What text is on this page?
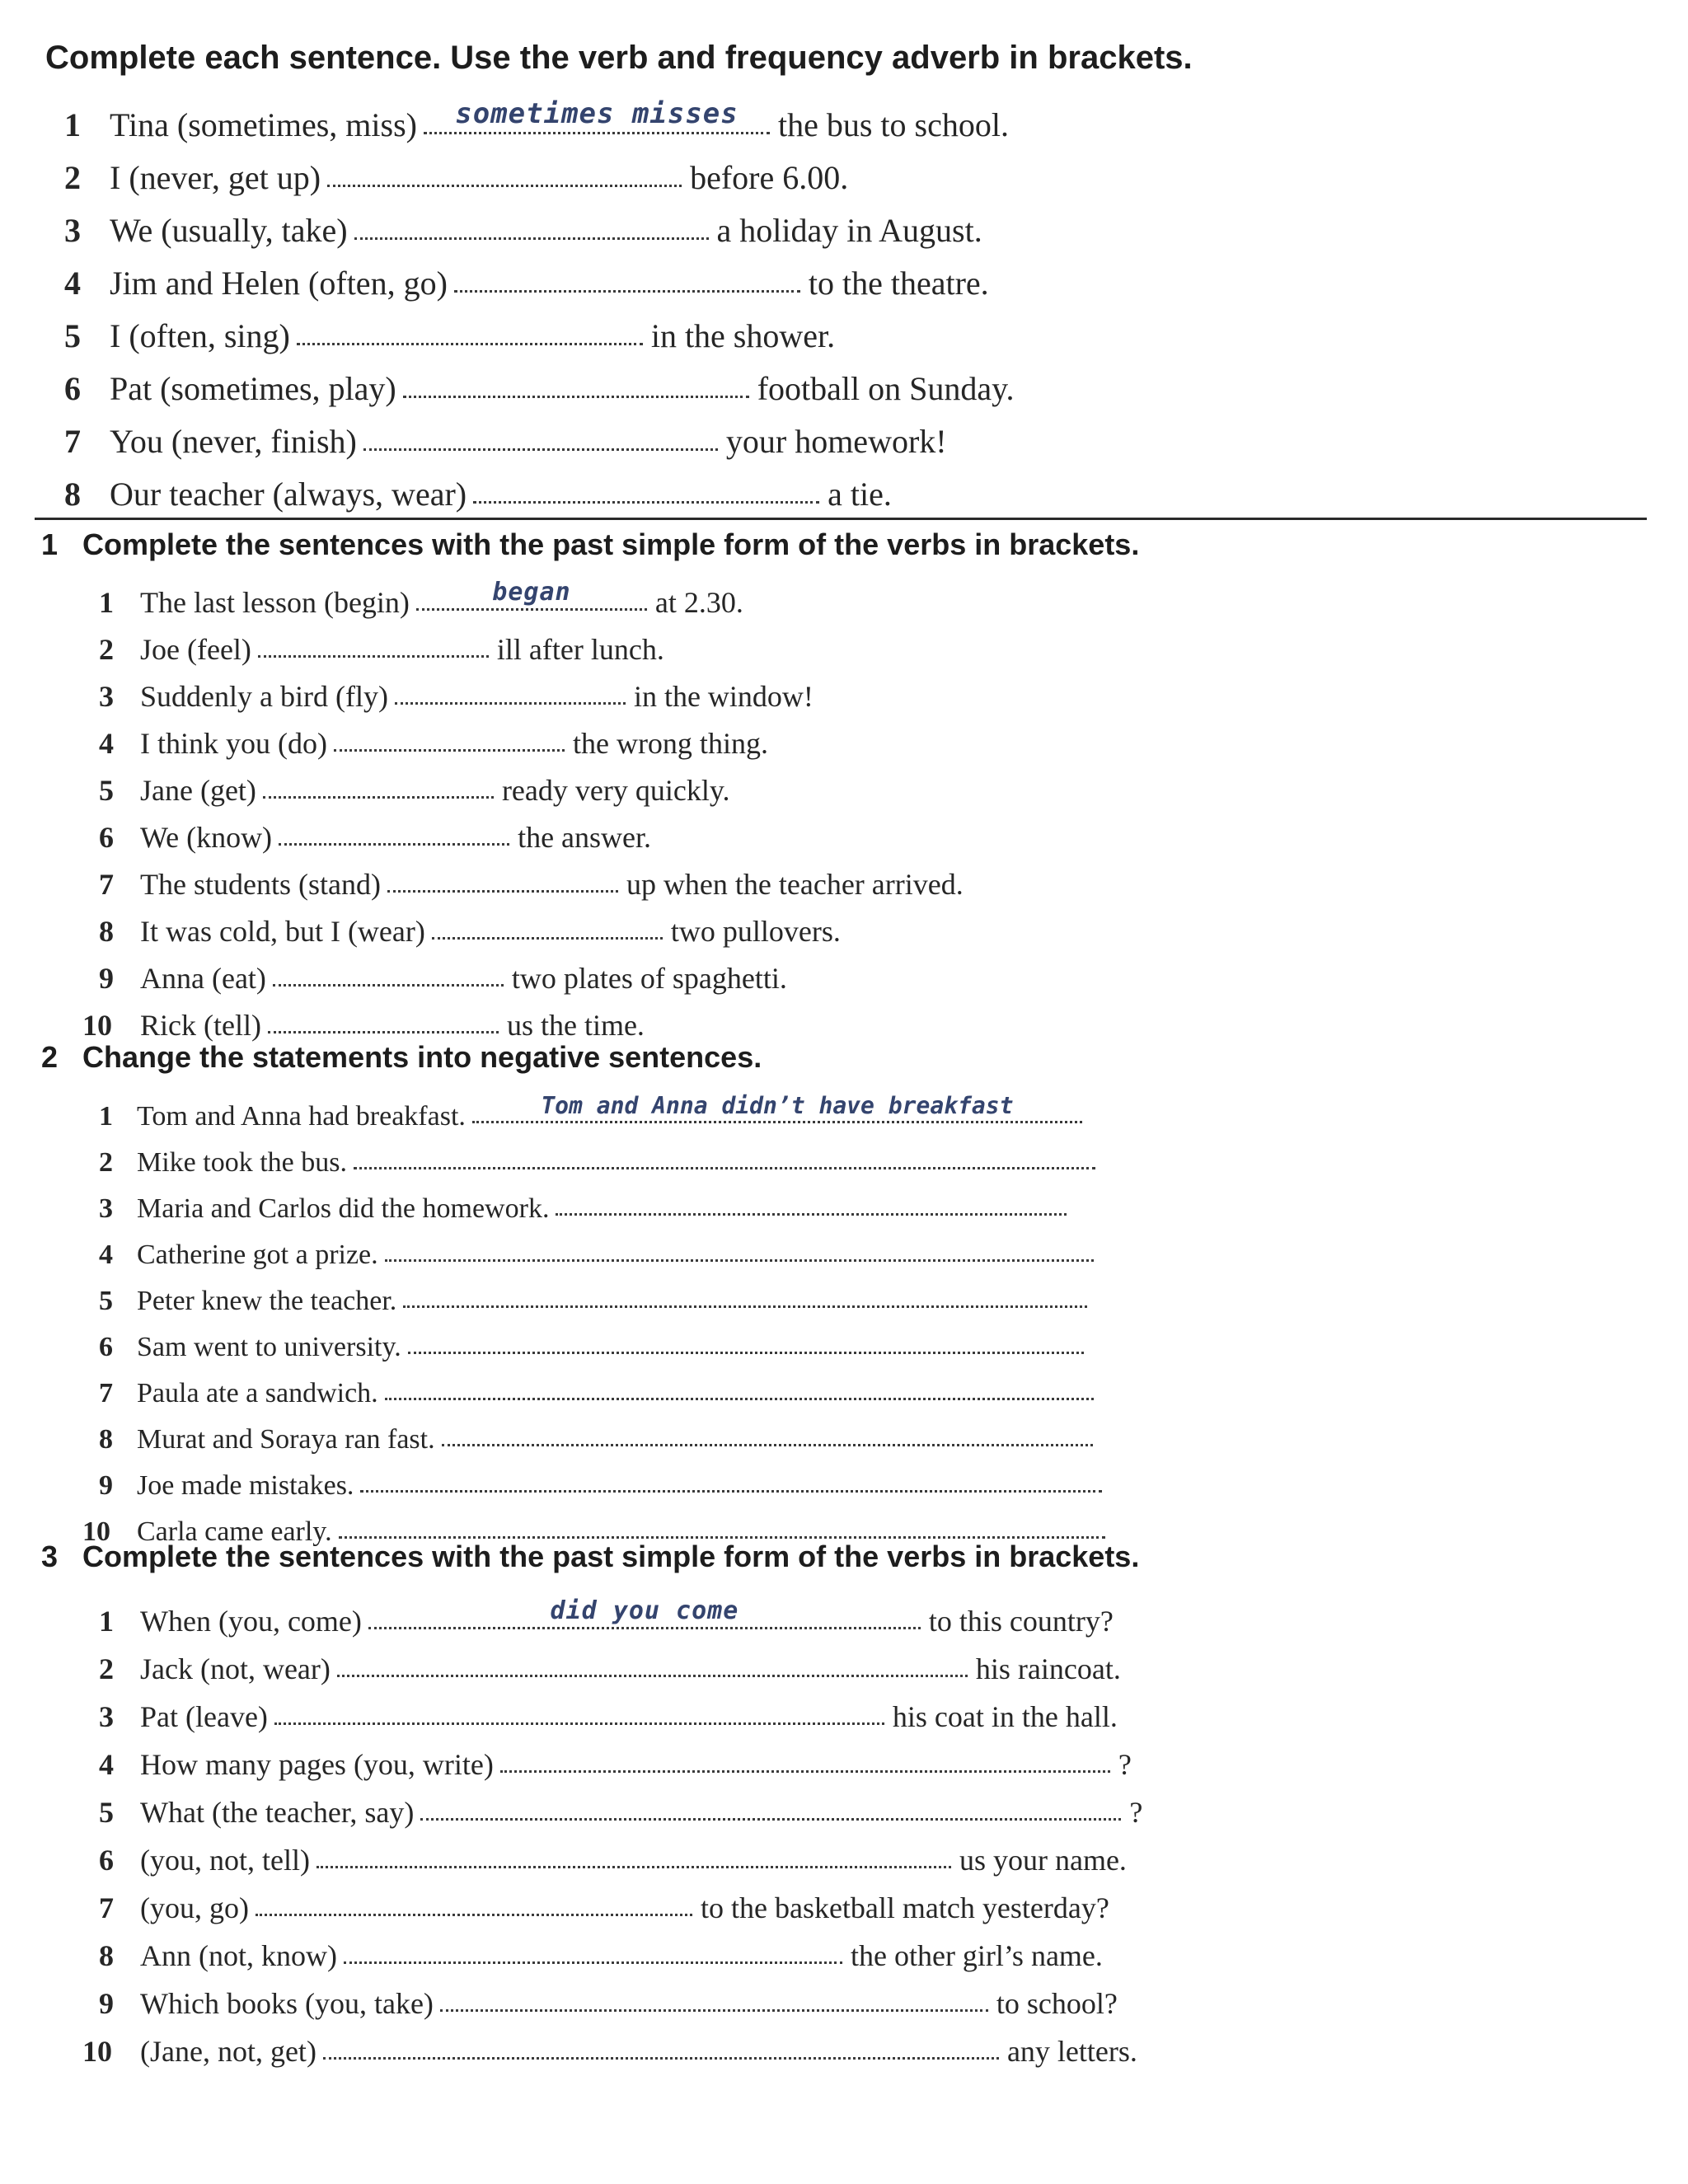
Complete each sentence. Use the verb and frequency adverb in brackets.
1 Tina (sometimes, miss)	sometimes misses	the bus to school.
2 I (never, get up)	before 6.00.
3 We (usually, take)	a holiday in August.
4 Jim and Helen (often, go)	to the theatre.
5 I (often, sing)	in the shower.
6 Pat (sometimes, play)	football on Sunday.
7 You (never, finish)	your homework!
8 Our teacher (always, wear)	a tie.
1 Complete the sentences with the past simple form of the verbs in brackets.
1 The last lesson (begin)	began	at 2.30.
2 Joe (feel)	ill after lunch.
3 Suddenly a bird (fly)	in the window!
4 I think you (do)	the wrong thing.
5 Jane (get)	ready very quickly.
6 We (know)	the answer.
7 The students (stand)	up when the teacher arrived.
8 It was cold, but I (wear)	two pullovers.
9 Anna (eat)	two plates of spaghetti.
10 Rick (tell)	us the time.
2 Change the statements into negative sentences.
1 Tom and Anna had breakfast.	Tom and Anna didn’t have breakfast
2 Mike took the bus.
3 Maria and Carlos did the homework.
4 Catherine got a prize.
5 Peter knew the teacher.
6 Sam went to university.
7 Paula ate a sandwich.
8 Murat and Soraya ran fast.
9 Joe made mistakes.
10 Carla came early.
3 Complete the sentences with the past simple form of the verbs in brackets.
1 When (you, come)	did you come	to this country?
2 Jack (not, wear)	his raincoat.
3 Pat (leave)	his coat in the hall.
4 How many pages (you, write)	?
5 What (the teacher, say)	?
6 (you, not, tell)	us your name.
7 (you, go)	to the basketball match yesterday?
8 Ann (not, know)	the other girl’s name.
9 Which books (you, take)	to school?
10 (Jane, not, get)	any letters.
